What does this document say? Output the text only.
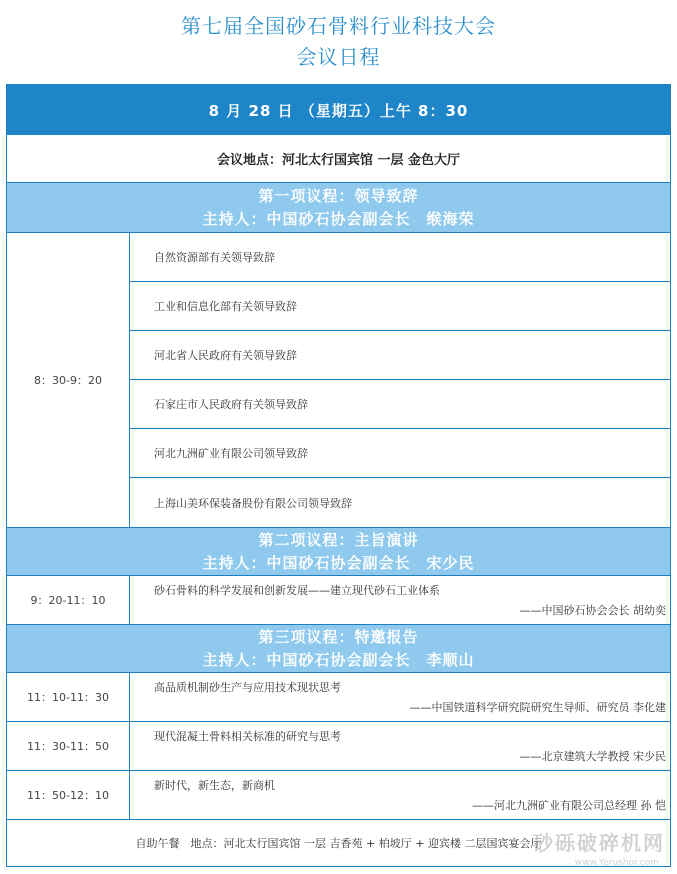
第七届全国砂石骨料行业科技大会
会议日程
8 月 28 日 （星期五）上午 8：30
会议地点：河北太行国宾馆 一层 金色大厅
第一项议程：领导致辞
主持人：中国砂石协会副会长　缑海荣
8：30-9：20
自然资源部有关领导致辞
工业和信息化部有关领导致辞
河北省人民政府有关领导致辞
石家庄市人民政府有关领导致辞
河北九洲矿业有限公司领导致辞
上海山美环保装备股份有限公司领导致辞
第二项议程：主旨演讲
主持人：中国砂石协会副会长　宋少民
9：20-11：10
砂石骨料的科学发展和创新发展——建立现代砂石工业体系
——中国砂石协会会长 胡幼奕
第三项议程：特邀报告
主持人：中国砂石协会副会长　李顺山
11：10-11：30
高品质机制砂生产与应用技术现状思考
——中国铁道科学研究院研究生导师、研究员 李化建
11：30-11：50
现代混凝土骨料相关标准的研究与思考
——北京建筑大学教授 宋少民
11：50-12：10
新时代，新生态，新商机
——河北九洲矿业有限公司总经理 孙 恺
自助午餐　地点：河北太行国宾馆 一层 吉香苑 + 柏坡厅 + 迎宾楼 二层国宾宴会厅
砂砾破碎机网
www.Yerushor.com
